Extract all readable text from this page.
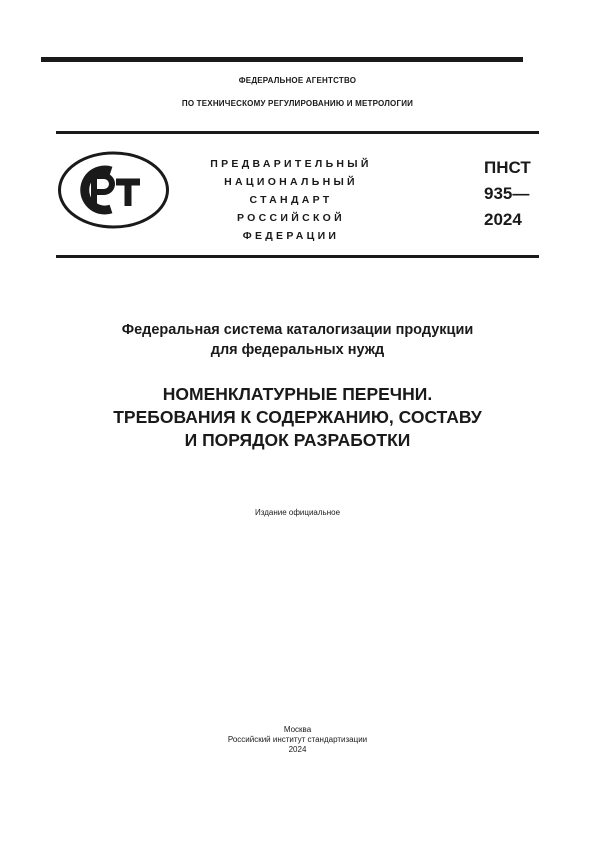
ФЕДЕРАЛЬНОЕ АГЕНТСТВО
ПО ТЕХНИЧЕСКОМУ РЕГУЛИРОВАНИЮ И МЕТРОЛОГИИ
ПРЕДВАРИТЕЛЬНЫЙ
НАЦИОНАЛЬНЫЙ
СТАНДАРТ
РОССИЙСКОЙ
ФЕДЕРАЦИИ
ПНСТ
935—
2024
Федеральная система каталогизации продукции
для федеральных нужд
НОМЕНКЛАТУРНЫЕ ПЕРЕЧНИ.
ТРЕБОВАНИЯ К СОДЕРЖАНИЮ, СОСТАВУ
И ПОРЯДОК РАЗРАБОТКИ
Издание официальное
Москва
Российский институт стандартизации
2024
